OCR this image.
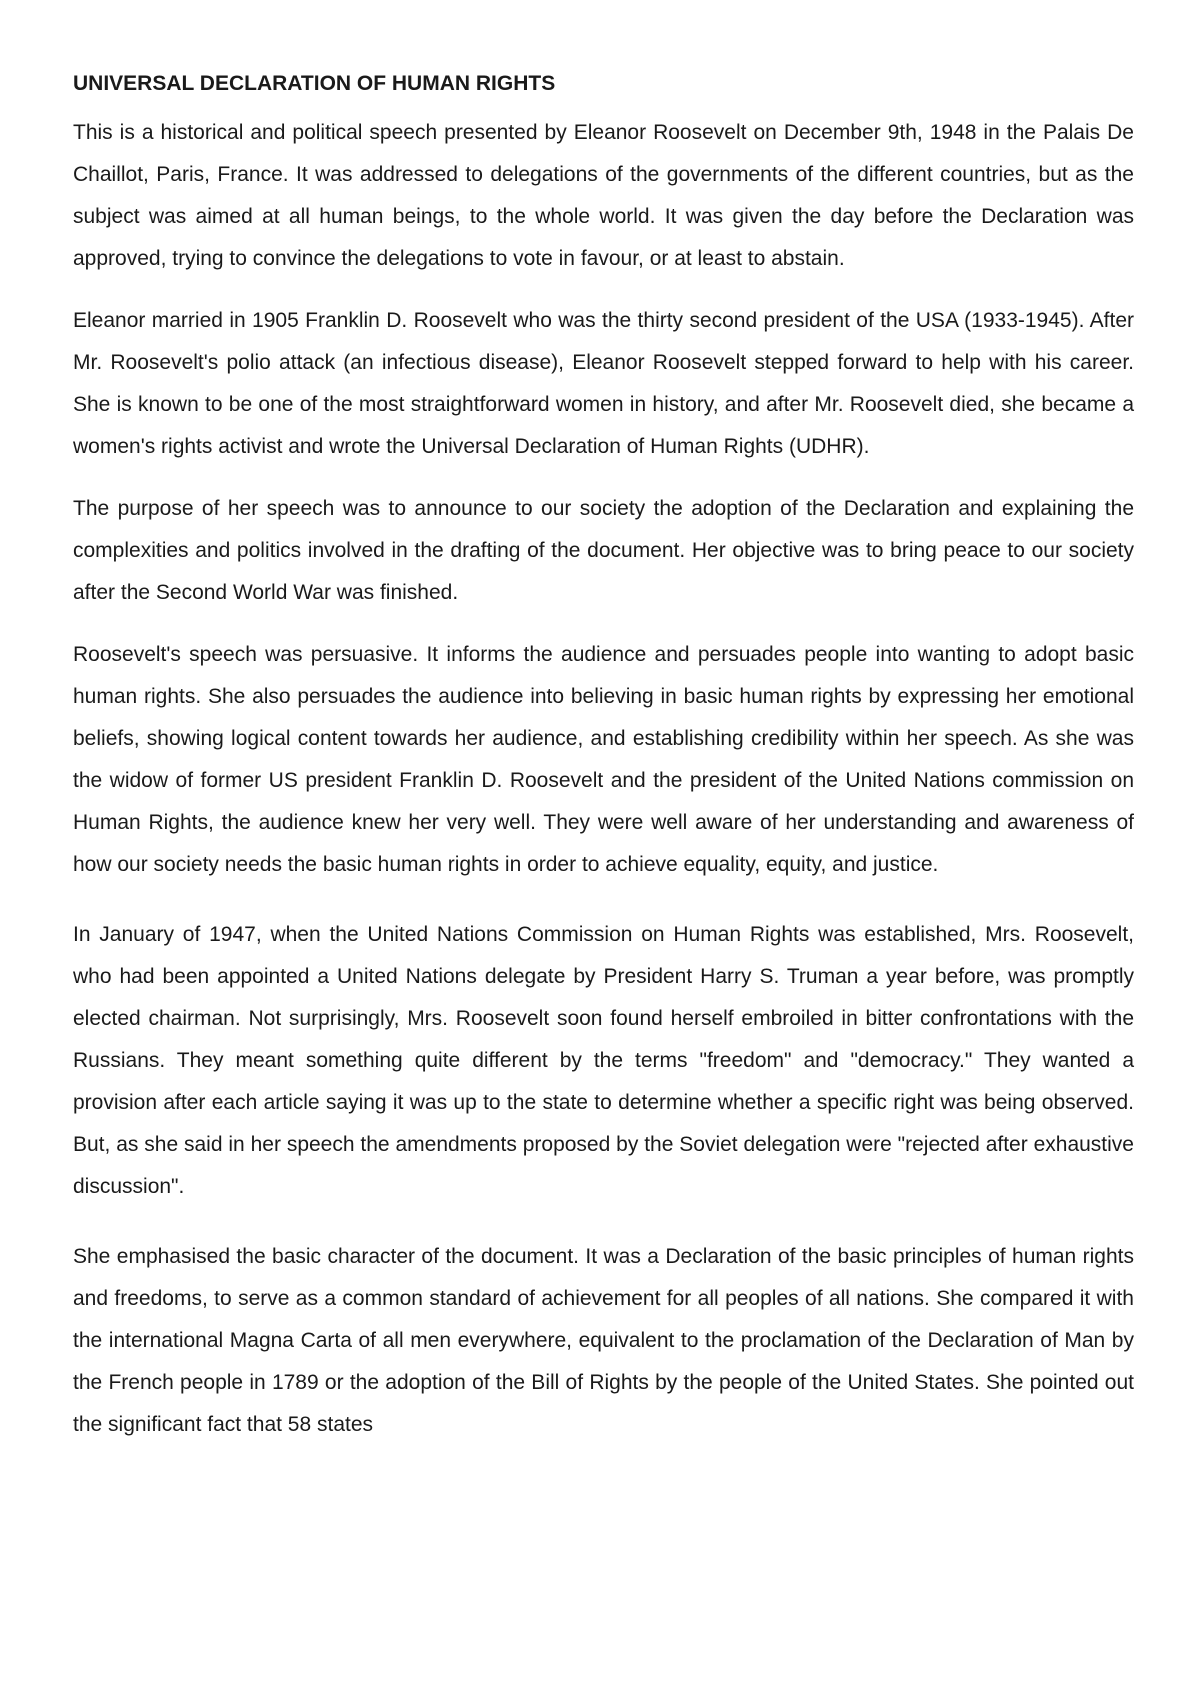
UNIVERSAL DECLARATION OF HUMAN RIGHTS

This is a historical and political speech presented by Eleanor Roosevelt on December 9th, 1948 in the Palais De Chaillot, Paris, France. It was addressed to delegations of the governments of the different countries, but as the subject was aimed at all human beings, to the whole world. It was given the day before the Declaration was approved, trying to convince the delegations to vote in favour, or at least to abstain.

Eleanor married in 1905 Franklin D. Roosevelt who was the thirty second president of the USA (1933-1945). After Mr. Roosevelt's polio attack (an infectious disease), Eleanor Roosevelt stepped forward to help with his career. She is known to be one of the most straightforward women in history, and after Mr. Roosevelt died, she became a women's rights activist and wrote the Universal Declaration of Human Rights (UDHR).

The purpose of her speech was to announce to our society the adoption of the Declaration and explaining the complexities and politics involved in the drafting of the document. Her objective was to bring peace to our society after the Second World War was finished.

Roosevelt's speech was persuasive. It informs the audience and persuades people into wanting to adopt basic human rights. She also persuades the audience into believing in basic human rights by expressing her emotional beliefs, showing logical content towards her audience, and establishing credibility within her speech. As she was the widow of former US president Franklin D. Roosevelt and the president of the United Nations commission on Human Rights, the audience knew her very well. They were well aware of her understanding and awareness of how our society needs the basic human rights in order to achieve equality, equity, and justice.

In January of 1947, when the United Nations Commission on Human Rights was established, Mrs. Roosevelt, who had been appointed a United Nations delegate by President Harry S. Truman a year before, was promptly elected chairman. Not surprisingly, Mrs. Roosevelt soon found herself embroiled in bitter confrontations with the Russians. They meant something quite different by the terms "freedom" and "democracy." They wanted a provision after each article saying it was up to the state to determine whether a specific right was being observed. But, as she said in her speech the amendments proposed by the Soviet delegation were "rejected after exhaustive discussion".

She emphasised the basic character of the document. It was a Declaration of the basic principles of human rights and freedoms, to serve as a common standard of achievement for all peoples of all nations. She compared it with the international Magna Carta of all men everywhere, equivalent to the proclamation of the Declaration of Man by the French people in 1789 or the adoption of the Bill of Rights by the people of the United States. She pointed out the significant fact that 58 states
